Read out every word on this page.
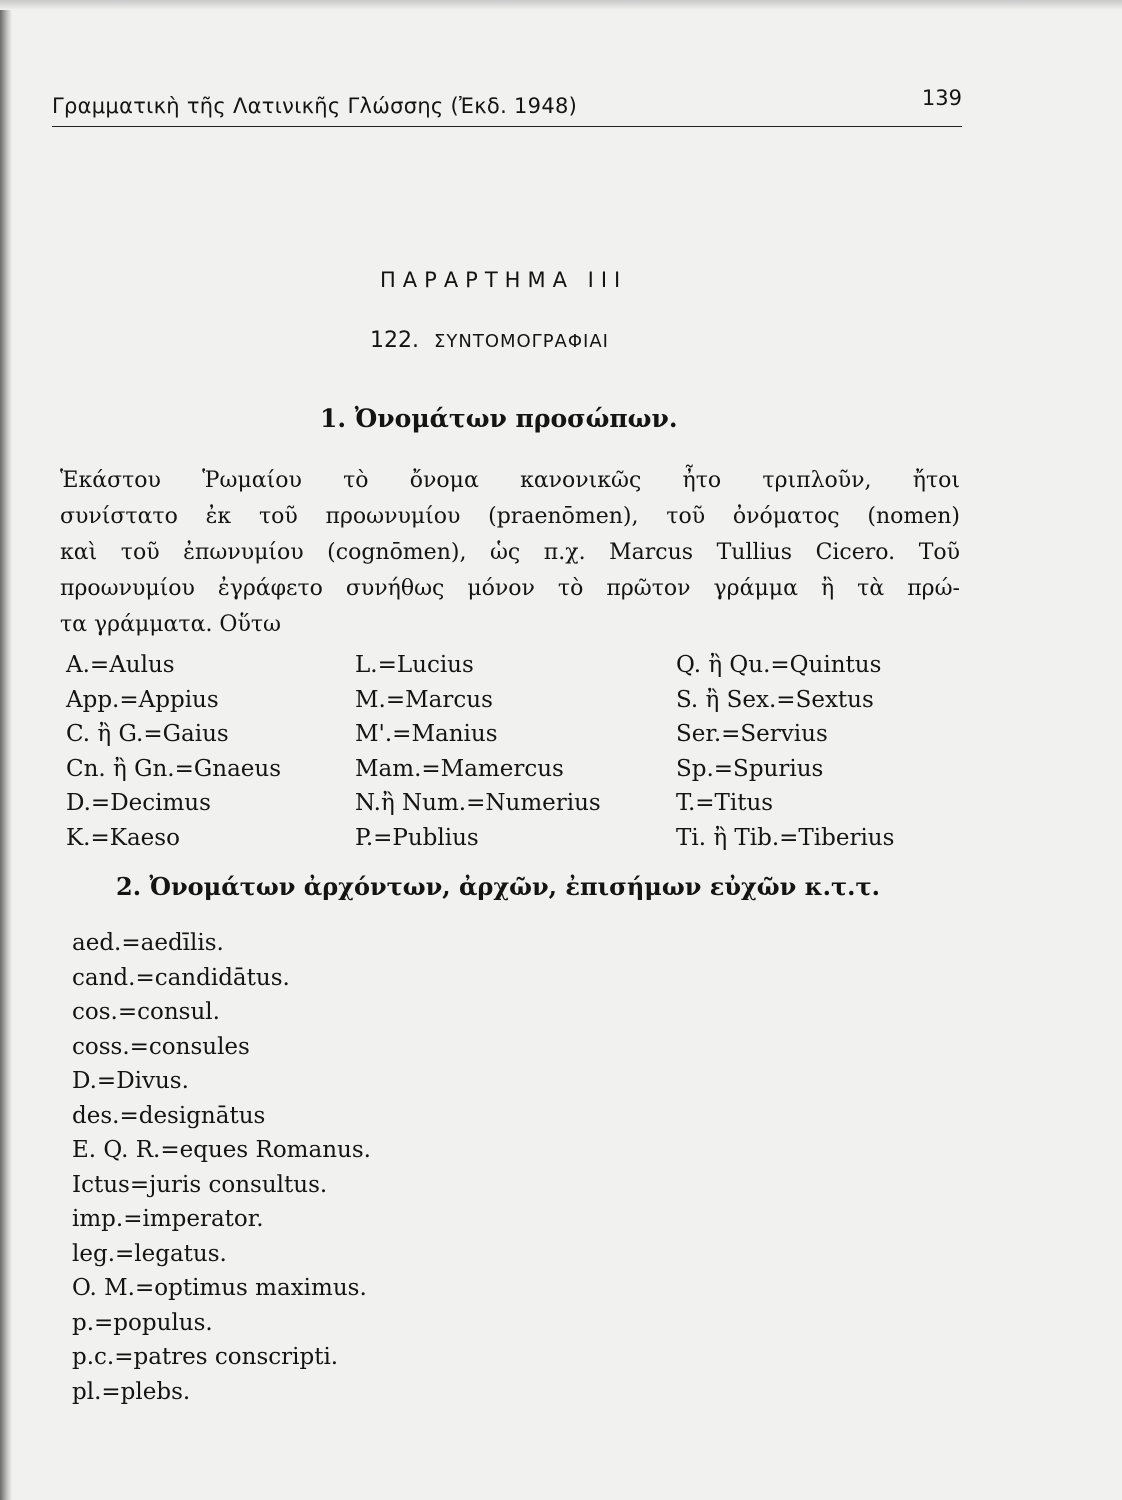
Γραμματικὴ τῆς Λατινικῆς Γλώσσης (Ἐκδ. 1948)	139
ΠΑΡΑΡΤΗΜΑ III
122. ΣΥΝΤΟΜΟΓΡΑΦΙΑΙ
1. Ὀνομάτων προσώπων.
Ἑκάστου Ῥωμαίου τὸ ὄνομα κανονικῶς ἦτο τριπλοῦν, ἤτοι
συνίστατο ἐκ τοῦ προωνυμίου (praenōmen), τοῦ ὀνόματος (nomen)
καὶ τοῦ ἐπωνυμίου (cognōmen), ὡς π.χ. Marcus Tullius Cicero. Τοῦ
προωνυμίου ἐγράφετο συνήθως μόνον τὸ πρῶτον γράμμα ἢ τὰ πρώ-
τα γράμματα. Οὕτω
A.=Aulus
App.=Appius
C. ἢ G.=Gaius
Cn. ἢ Gn.=Gnaeus
D.=Decimus
K.=Kaeso
L.=Lucius
M.=Marcus
M'.=Manius
Mam.=Mamercus
N.ἢ Num.=Numerius
P.=Publius
Q. ἢ Qu.=Quintus
S. ἢ Sex.=Sextus
Ser.=Servius
Sp.=Spurius
T.=Titus
Ti. ἢ Tib.=Tiberius
2. Ὀνομάτων ἀρχόντων, ἀρχῶν, ἐπισήμων εὐχῶν κ.τ.τ.
aed.=aedīlis.
cand.=candidātus.
cos.=consul.
coss.=consules
D.=Divus.
des.=designātus
E. Q. R.=eques Romanus.
Ictus=juris consultus.
imp.=imperator.
leg.=legatus.
O. M.=optimus maximus.
p.=populus.
p.c.=patres conscripti.
pl.=plebs.
